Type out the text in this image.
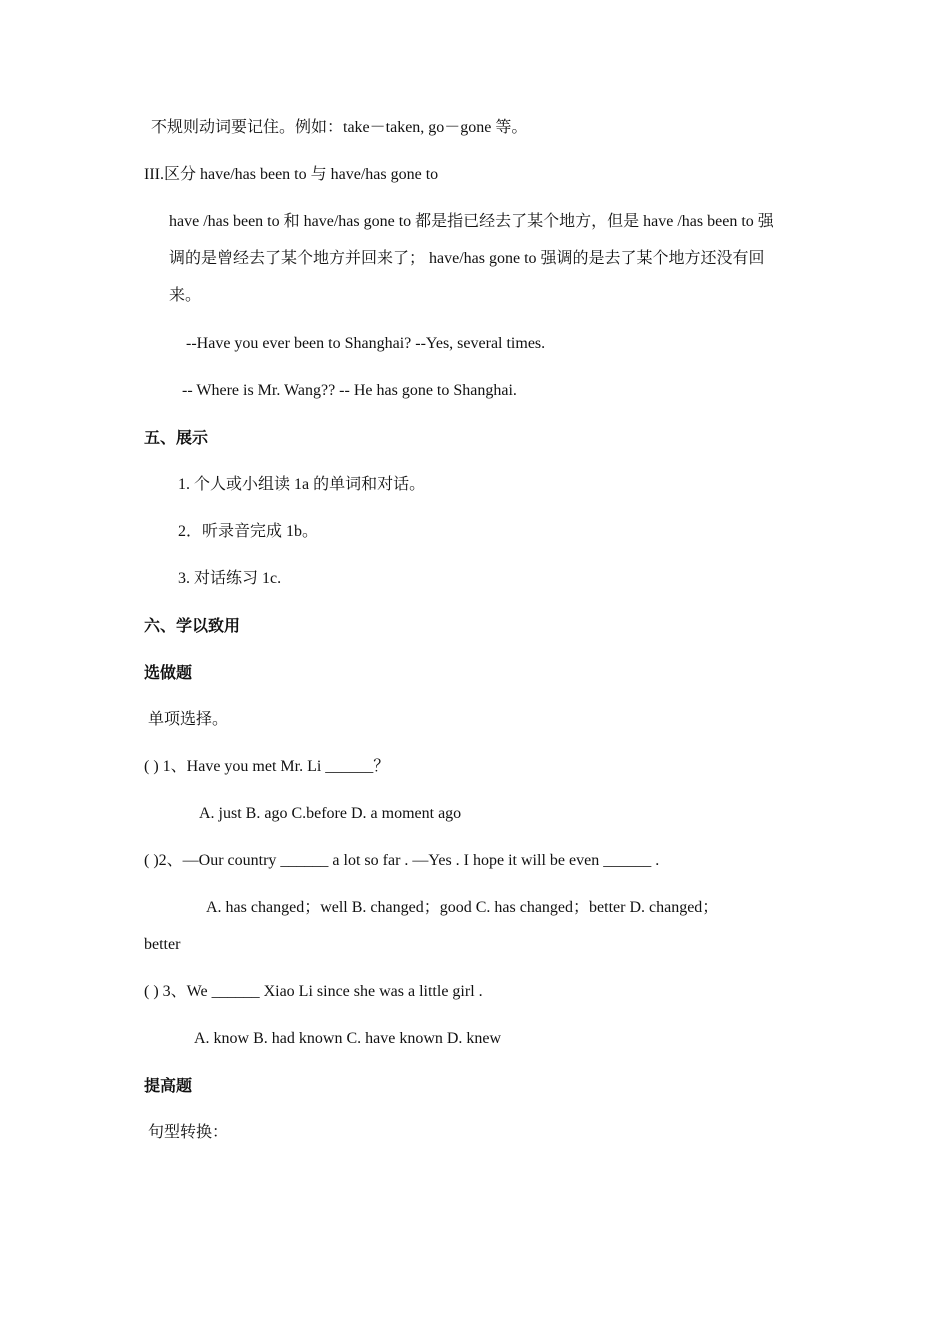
不规则动词要记住。例如：take－taken, go－gone 等。
III.区分 have/has been to 与 have/has gone to
have /has been to 和 have/has gone to 都是指已经去了某个地方，但是 have /has been to 强
调的是曾经去了某个地方并回来了； have/has gone to 强调的是去了某个地方还没有回
来。
--Have you ever been to Shanghai? --Yes, several times.
-- Where is Mr. Wang?? -- He has gone to Shanghai.
五、展示
1. 个人或小组读 1a 的单词和对话。
2．听录音完成 1b。
3. 对话练习 1c.
六、学以致用
选做题
单项选择。
( ) 1、Have you met Mr. Li ______？
A. just B. ago C.before D. a moment ago
( )2、—Our country ______ a lot so far . —Yes . I hope it will be even ______ .
A. has changed；well B. changed；good C. has changed；better D. changed；
better
( ) 3、We ______ Xiao Li since she was a little girl .
A. know B. had known C. have known D. knew
提高题
句型转换：
